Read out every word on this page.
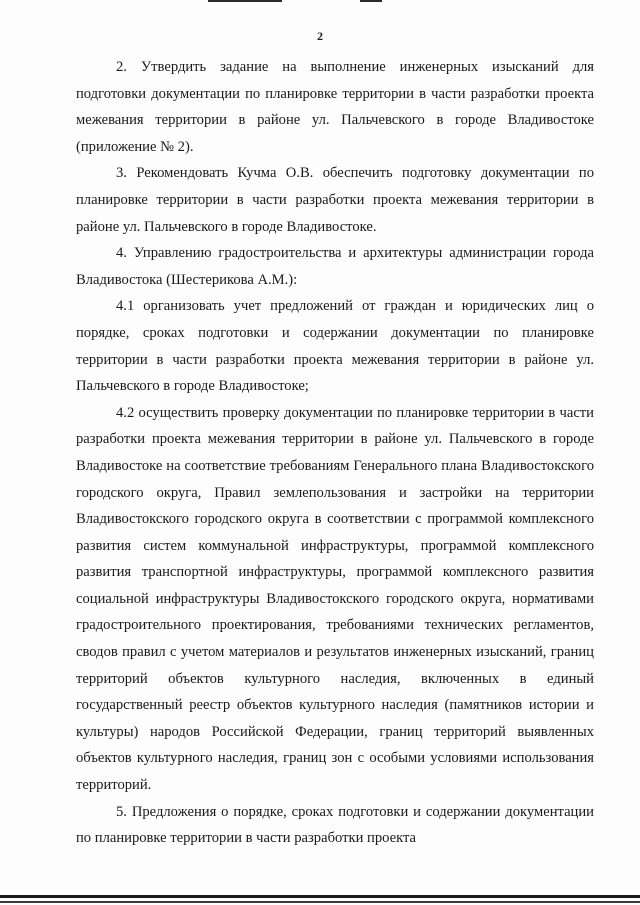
2

2. Утвердить задание на выполнение инженерных изысканий для подготовки документации по планировке территории в части разработки проекта межевания территории в районе ул. Пальчевского в городе Владивостоке (приложение № 2).

3. Рекомендовать Кучма О.В. обеспечить подготовку документации по планировке территории в части разработки проекта межевания территории в районе ул. Пальчевского в городе Владивостоке.

4. Управлению градостроительства и архитектуры администрации города Владивостока (Шестерикова А.М.):

4.1 организовать учет предложений от граждан и юридических лиц о порядке, сроках подготовки и содержании документации по планировке территории в части разработки проекта межевания территории в районе ул. Пальчевского в городе Владивостоке;

4.2 осуществить проверку документации по планировке территории в части разработки проекта межевания территории в районе ул. Пальчевского в городе Владивостоке на соответствие требованиям Генерального плана Владивостокского городского округа, Правил землепользования и застройки на территории Владивостокского городского округа в соответствии с программой комплексного развития систем коммунальной инфраструктуры, программой комплексного развития транспортной инфраструктуры, программой комплексного развития социальной инфраструктуры Владивостокского городского округа, нормативами градостроительного проектирования, требованиями технических регламентов, сводов правил с учетом материалов и результатов инженерных изысканий, границ территорий объектов культурного наследия, включенных в единый государственный реестр объектов культурного наследия (памятников истории и культуры) народов Российской Федерации, границ территорий выявленных объектов культурного наследия, границ зон с особыми условиями использования территорий.

5. Предложения о порядке, сроках подготовки и содержании документации по планировке территории в части разработки проекта
